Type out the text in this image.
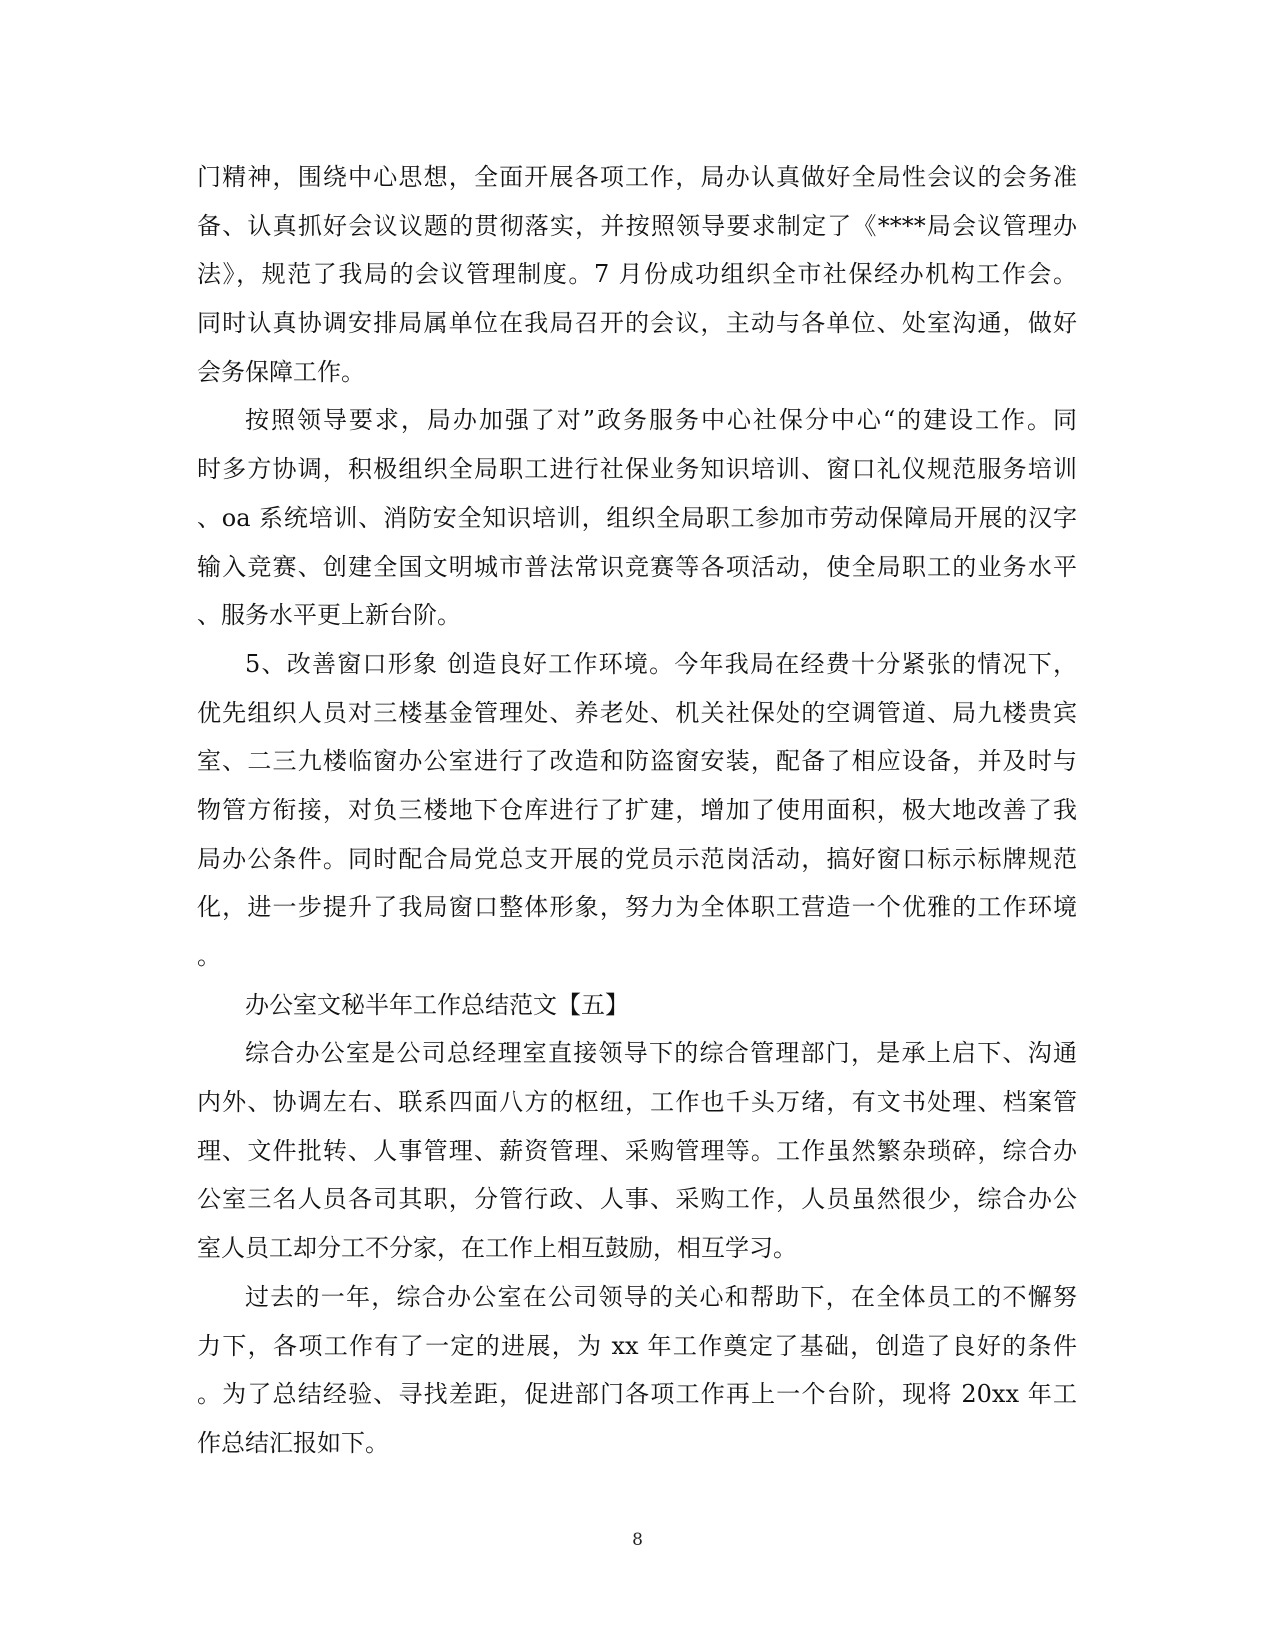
门精神，围绕中心思想，全面开展各项工作，局办认真做好全局性会议的会务准
备、认真抓好会议议题的贯彻落实，并按照领导要求制定了《****局会议管理办
法》，规范了我局的会议管理制度。7 月份成功组织全市社保经办机构工作会。
同时认真协调安排局属单位在我局召开的会议，主动与各单位、处室沟通，做好
会务保障工作。
按照领导要求，局办加强了对”政务服务中心社保分中心“的建设工作。同
时多方协调，积极组织全局职工进行社保业务知识培训、窗口礼仪规范服务培训
、oa 系统培训、消防安全知识培训，组织全局职工参加市劳动保障局开展的汉字
输入竞赛、创建全国文明城市普法常识竞赛等各项活动，使全局职工的业务水平
、服务水平更上新台阶。
5、改善窗口形象 创造良好工作环境。今年我局在经费十分紧张的情况下，
优先组织人员对三楼基金管理处、养老处、机关社保处的空调管道、局九楼贵宾
室、二三九楼临窗办公室进行了改造和防盗窗安装，配备了相应设备，并及时与
物管方衔接，对负三楼地下仓库进行了扩建，增加了使用面积，极大地改善了我
局办公条件。同时配合局党总支开展的党员示范岗活动，搞好窗口标示标牌规范
化，进一步提升了我局窗口整体形象，努力为全体职工营造一个优雅的工作环境
。
办公室文秘半年工作总结范文【五】
综合办公室是公司总经理室直接领导下的综合管理部门，是承上启下、沟通
内外、协调左右、联系四面八方的枢纽，工作也千头万绪，有文书处理、档案管
理、文件批转、人事管理、薪资管理、采购管理等。工作虽然繁杂琐碎，综合办
公室三名人员各司其职，分管行政、人事、采购工作，人员虽然很少，综合办公
室人员工却分工不分家，在工作上相互鼓励，相互学习。
过去的一年，综合办公室在公司领导的关心和帮助下，在全体员工的不懈努
力下，各项工作有了一定的进展，为 xx 年工作奠定了基础，创造了良好的条件
。为了总结经验、寻找差距，促进部门各项工作再上一个台阶，现将 20xx 年工
作总结汇报如下。
8
